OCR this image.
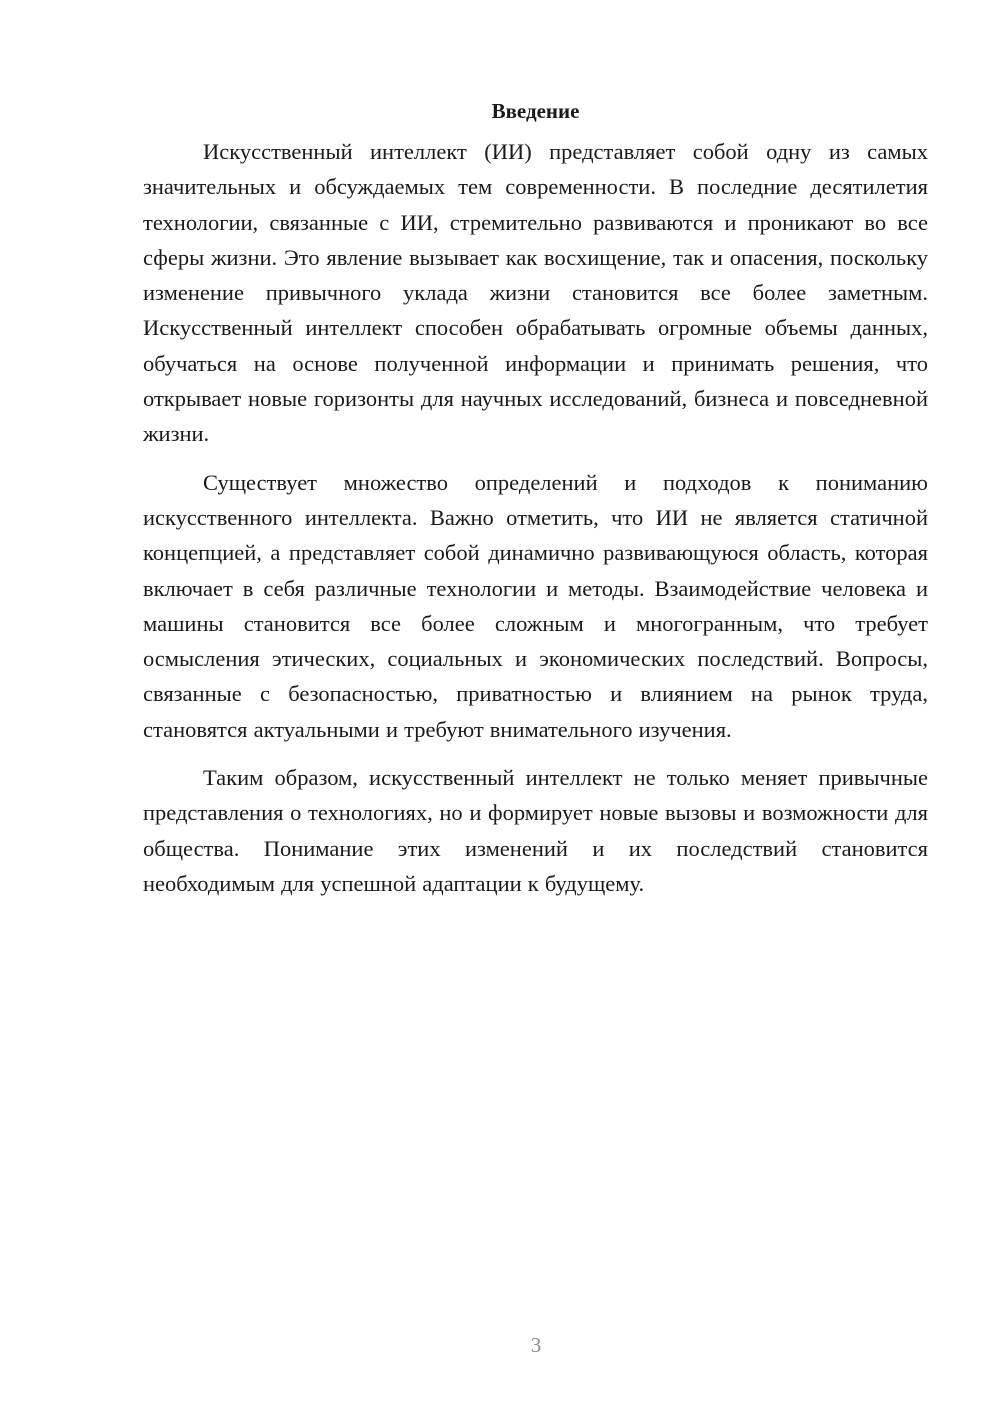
Введение

Искусственный интеллект (ИИ) представляет собой одну из самых значительных и обсуждаемых тем современности. В последние десятилетия технологии, связанные с ИИ, стремительно развиваются и проникают во все сферы жизни. Это явление вызывает как восхищение, так и опасения, поскольку изменение привычного уклада жизни становится все более заметным. Искусственный интеллект способен обрабатывать огромные объемы данных, обучаться на основе полученной информации и принимать решения, что открывает новые горизонты для научных исследований, бизнеса и повседневной жизни.

Существует множество определений и подходов к пониманию искусственного интеллекта. Важно отметить, что ИИ не является статичной концепцией, а представляет собой динамично развивающуюся область, которая включает в себя различные технологии и методы. Взаимодействие человека и машины становится все более сложным и многогранным, что требует осмысления этических, социальных и экономических последствий. Вопросы, связанные с безопасностью, приватностью и влиянием на рынок труда, становятся актуальными и требуют внимательного изучения.

Таким образом, искусственный интеллект не только меняет привычные представления о технологиях, но и формирует новые вызовы и возможности для общества. Понимание этих изменений и их последствий становится необходимым для успешной адаптации к будущему.

3
